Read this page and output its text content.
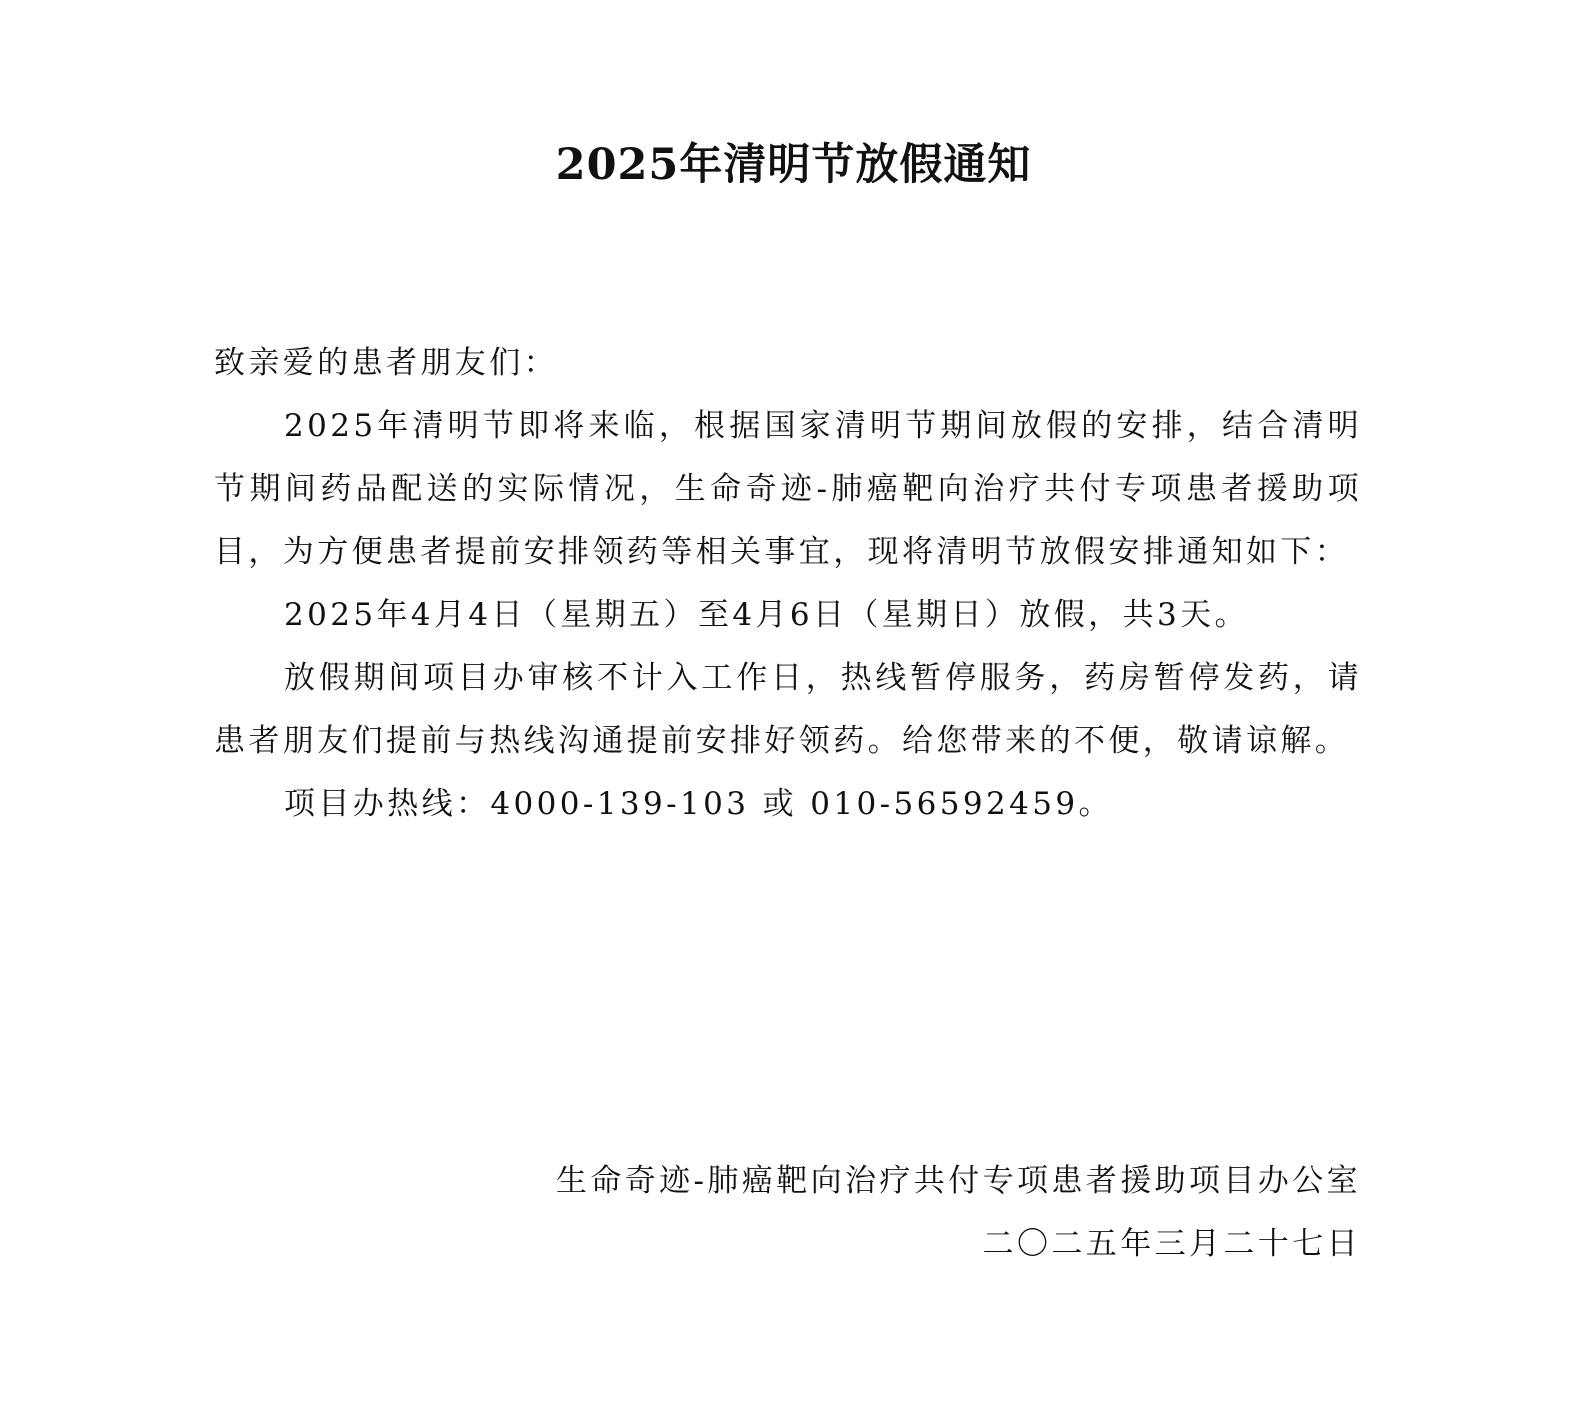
2025年清明节放假通知

致亲爱的患者朋友们：

2025年清明节即将来临，根据国家清明节期间放假的安排，结合清明节期间药品配送的实际情况，生命奇迹-肺癌靶向治疗共付专项患者援助项目，为方便患者提前安排领药等相关事宜，现将清明节放假安排通知如下：

2025年4月4日（星期五）至4月6日（星期日）放假，共3天。

放假期间项目办审核不计入工作日，热线暂停服务，药房暂停发药，请患者朋友们提前与热线沟通提前安排好领药。给您带来的不便，敬请谅解。

项目办热线：4000-139-103 或 010-56592459。

生命奇迹-肺癌靶向治疗共付专项患者援助项目办公室
二〇二五年三月二十七日
